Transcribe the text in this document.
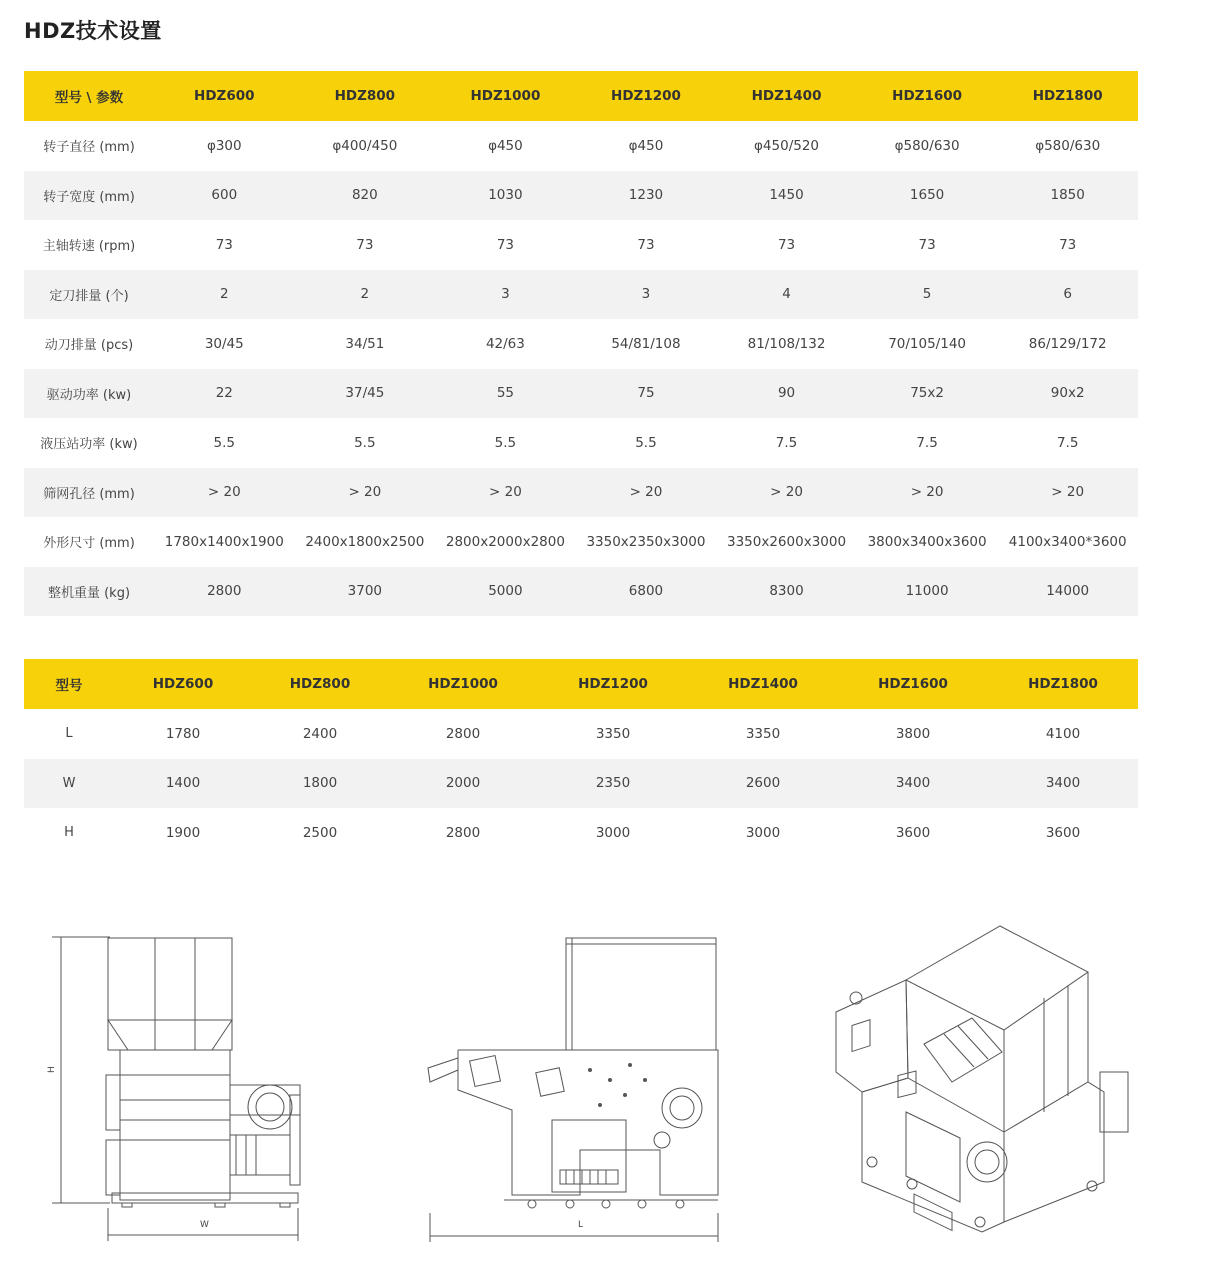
HDZ技术设置
型号 \ 参数	HDZ600	HDZ800	HDZ1000	HDZ1200	HDZ1400	HDZ1600	HDZ1800
转子直径 (mm)	φ300	φ400/450	φ450	φ450	φ450/520	φ580/630	φ580/630
转子宽度 (mm)	600	820	1030	1230	1450	1650	1850
主轴转速 (rpm)	73	73	73	73	73	73	73
定刀排量 (个)	2	2	3	3	4	5	6
动刀排量 (pcs)	30/45	34/51	42/63	54/81/108	81/108/132	70/105/140	86/129/172
驱动功率 (kw)	22	37/45	55	75	90	75x2	90x2
液压站功率 (kw)	5.5	5.5	5.5	5.5	7.5	7.5	7.5
筛网孔径 (mm)	> 20	> 20	> 20	> 20	> 20	> 20	> 20
外形尺寸 (mm)	1780x1400x1900	2400x1800x2500	2800x2000x2800	3350x2350x3000	3350x2600x3000	3800x3400x3600	4100x3400*3600
整机重量 (kg)	2800	3700	5000	6800	8300	11000	14000
型号	HDZ600	HDZ800	HDZ1000	HDZ1200	HDZ1400	HDZ1600	HDZ1800
L	1780	2400	2800	3350	3350	3800	4100
W	1400	1800	2000	2350	2600	3400	3400
H	1900	2500	2800	3000	3000	3600	3600
H
W	L
